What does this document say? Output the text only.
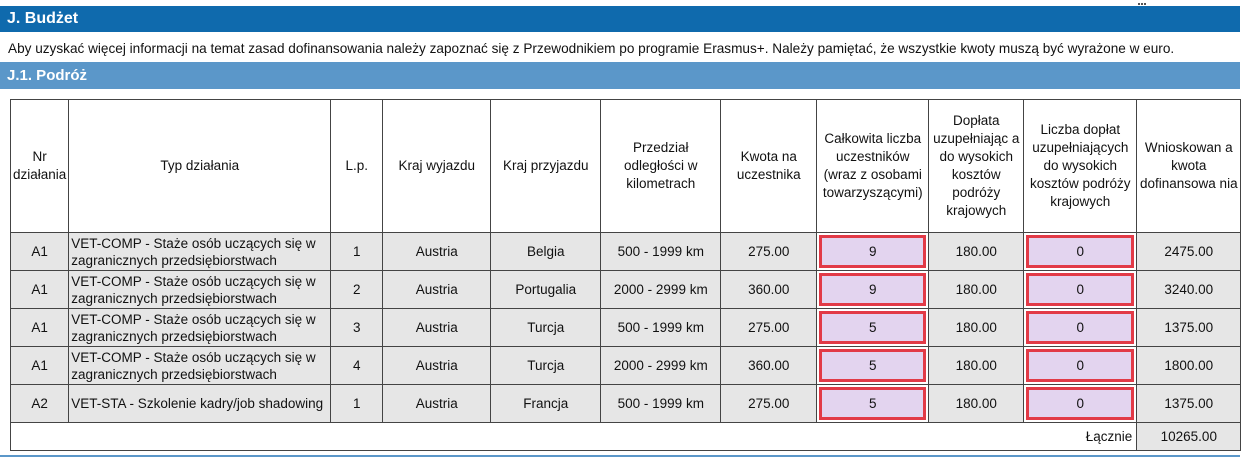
J. Budżet
Aby uzyskać więcej informacji na temat zasad dofinansowania należy zapoznać się z Przewodnikiem po programie Erasmus+. Należy pamiętać, że wszystkie kwoty muszą być wyrażone w euro.
J.1. Podróż
Nr działania	Typ działania	L.p.	Kraj wyjazdu	Kraj przyjazdu	Przedział odległości w kilometrach	Kwota na uczestnika	Całkowita liczba uczestników (wraz z osobami towarzyszącymi)	Dopłata uzupełniając a do wysokich kosztów podróży krajowych	Liczba dopłat uzupełniających do wysokich kosztów podróży krajowych	Wnioskowan a kwota dofinansowa nia
A1	VET-COMP - Staże osób uczących się w zagranicznych przedsiębiorstwach	1	Austria	Belgia	500 - 1999 km	275.00	9	180.00	0	2475.00
A1	VET-COMP - Staże osób uczących się w zagranicznych przedsiębiorstwach	2	Austria	Portugalia	2000 - 2999 km	360.00	9	180.00	0	3240.00
A1	VET-COMP - Staże osób uczących się w zagranicznych przedsiębiorstwach	3	Austria	Turcja	500 - 1999 km	275.00	5	180.00	0	1375.00
A1	VET-COMP - Staże osób uczących się w zagranicznych przedsiębiorstwach	4	Austria	Turcja	2000 - 2999 km	360.00	5	180.00	0	1800.00
A2	VET-STA - Szkolenie kadry/job shadowing	1	Austria	Francja	500 - 1999 km	275.00	5	180.00	0	1375.00
Łącznie										10265.00
